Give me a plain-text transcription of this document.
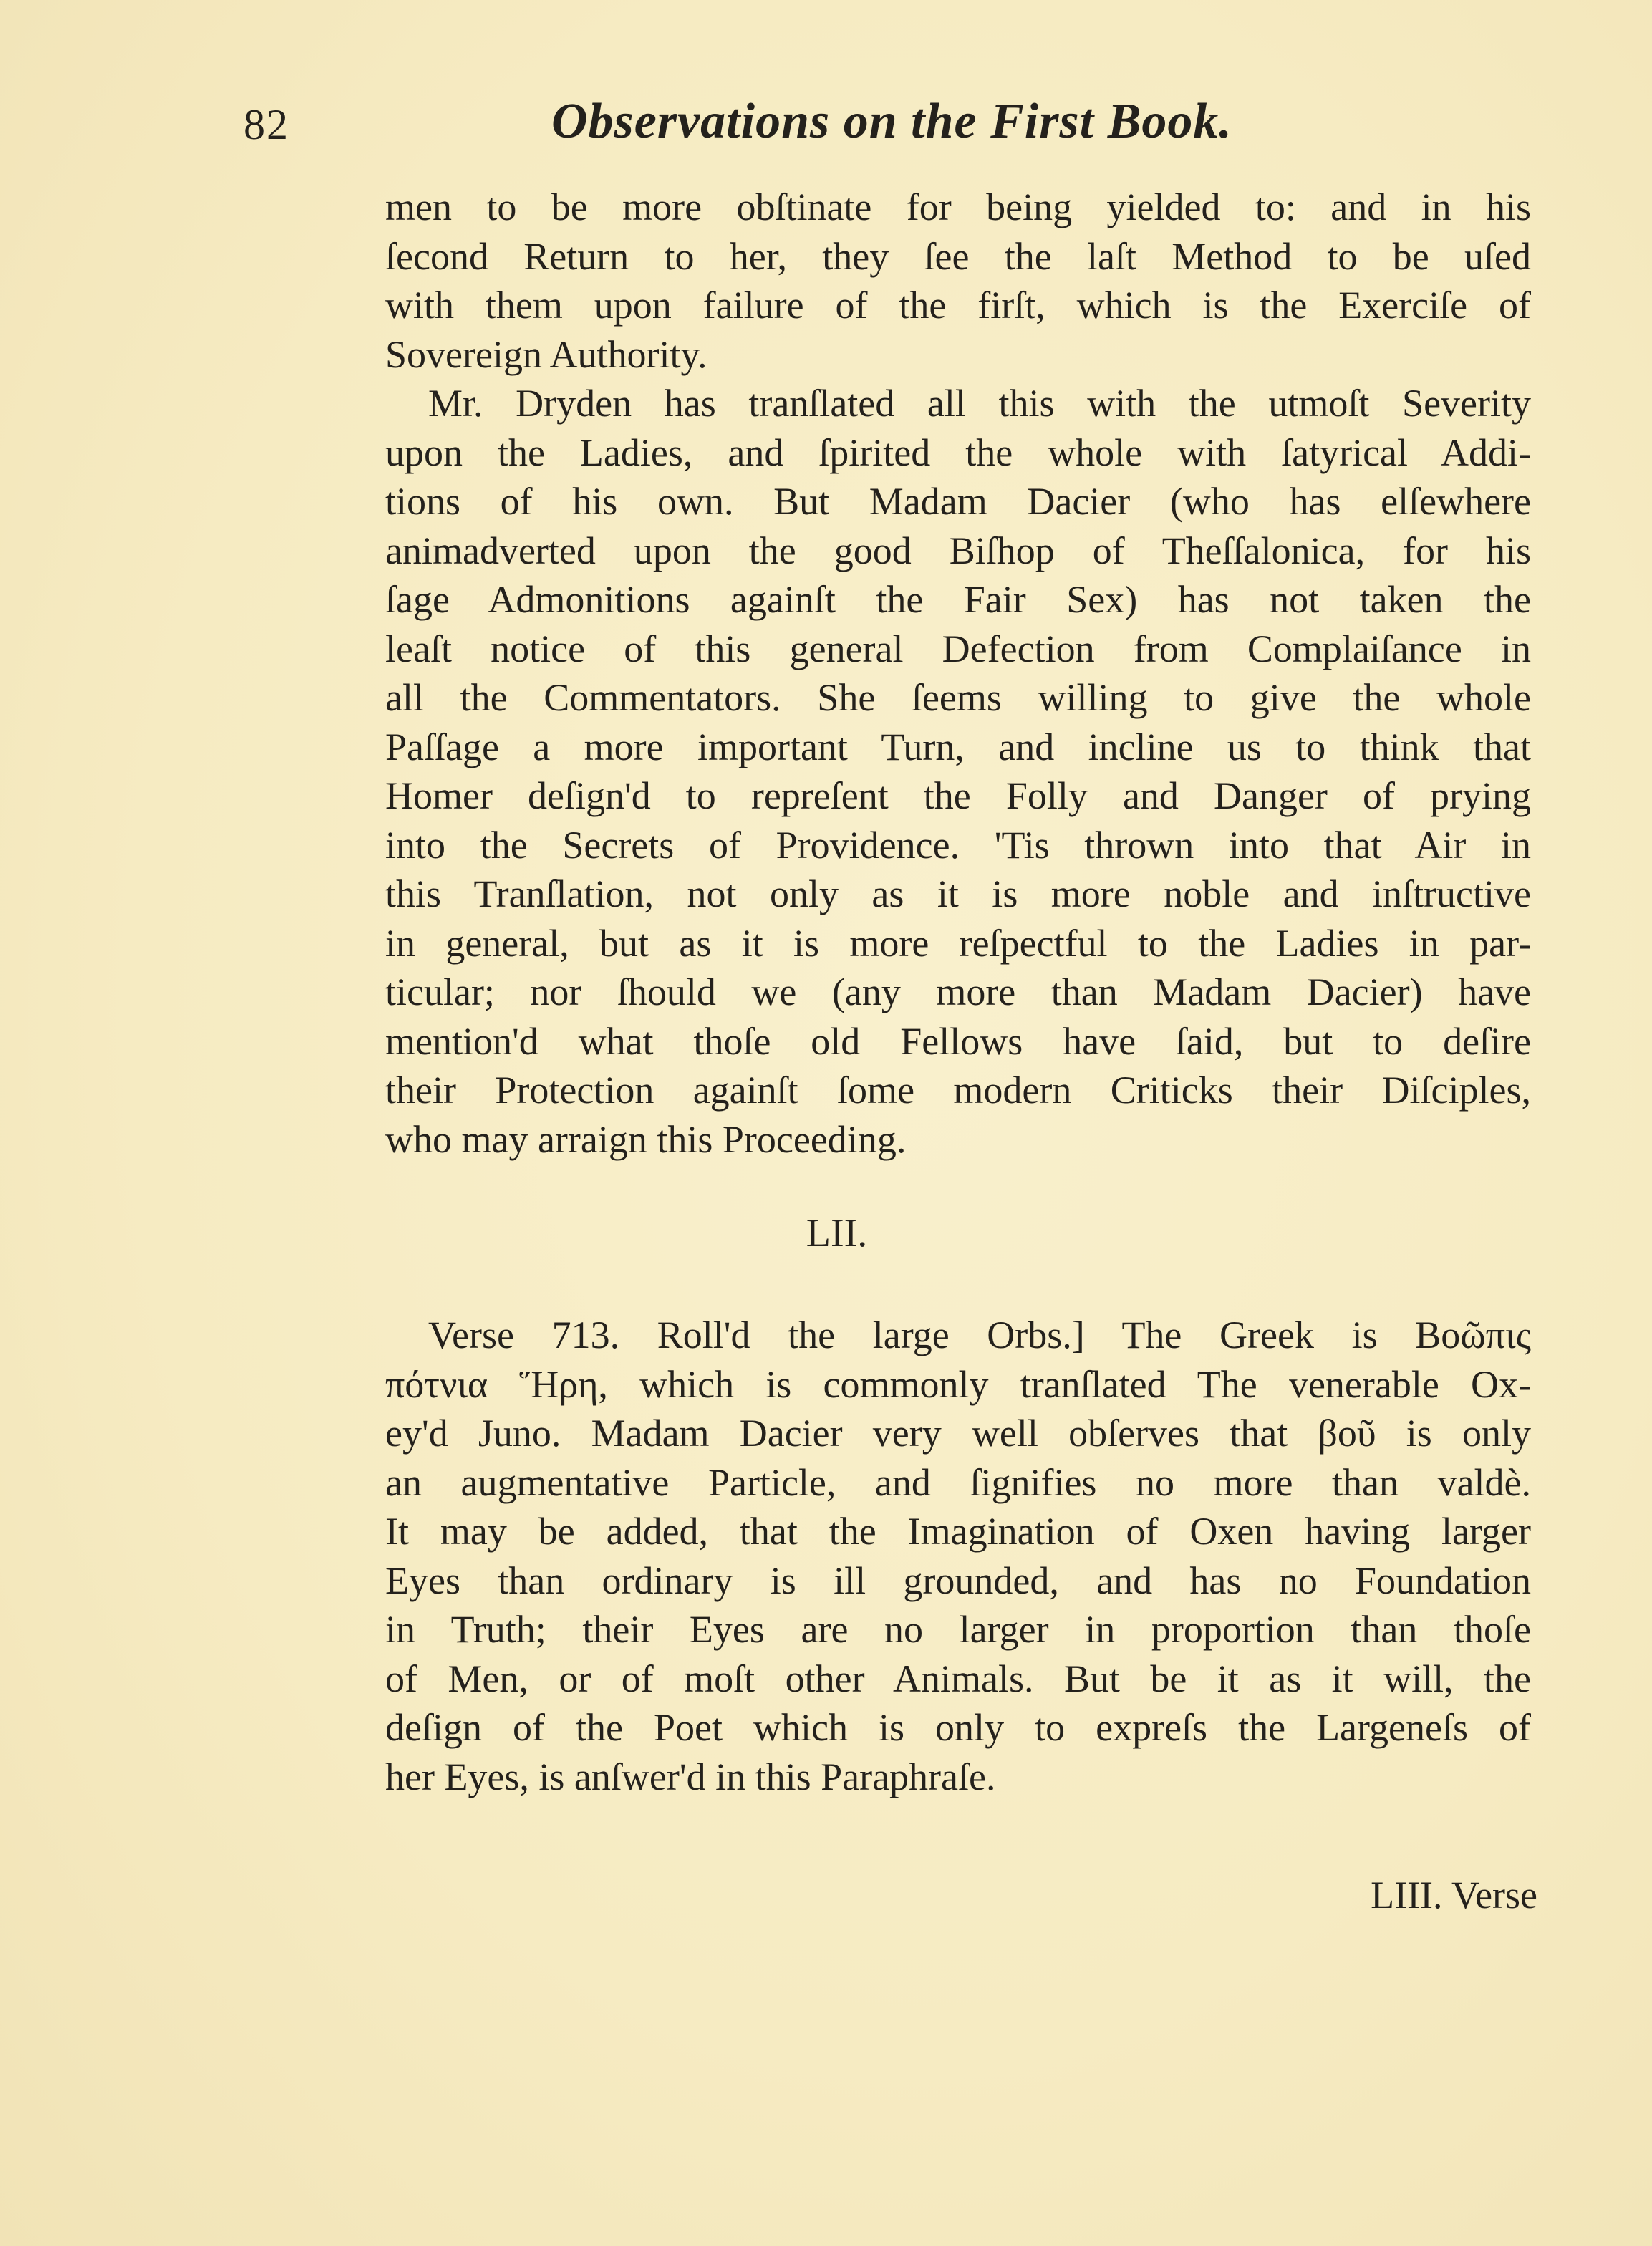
82	Observations on the First Book.
men to be more obſtinate for being yielded to: and in his
ſecond Return to her, they ſee the laſt Method to be uſed
with them upon failure of the firſt, which is the Exerciſe of
Sovereign Authority.
Mr. Dryden has tranſlated all this with the utmoſt Severity
upon the Ladies, and ſpirited the whole with ſatyrical Addi-
tions of his own. But Madam Dacier (who has elſewhere
animadverted upon the good Biſhop of Theſſalonica, for his
ſage Admonitions againſt the Fair Sex) has not taken the
leaſt notice of this general Defection from Complaiſance in
all the Commentators. She ſeems willing to give the whole
Paſſage a more important Turn, and incline us to think that
Homer deſign'd to repreſent the Folly and Danger of prying
into the Secrets of Providence. 'Tis thrown into that Air in
this Tranſlation, not only as it is more noble and inſtructive
in general, but as it is more reſpectful to the Ladies in par-
ticular; nor ſhould we (any more than Madam Dacier) have
mention'd what thoſe old Fellows have ſaid, but to deſire
their Protection againſt ſome modern Criticks their Diſciples,
who may arraign this Proceeding.
LII.
Verse 713. Roll'd the large Orbs.] The Greek is Βοῶπις
πότνια Ἥρη, which is commonly tranſlated The venerable Ox-
ey'd Juno. Madam Dacier very well obſerves that βοῦ is only
an augmentative Particle, and ſignifies no more than valdè.
It may be added, that the Imagination of Oxen having larger
Eyes than ordinary is ill grounded, and has no Foundation
in Truth; their Eyes are no larger in proportion than thoſe
of Men, or of moſt other Animals. But be it as it will, the
deſign of the Poet which is only to expreſs the Largeneſs of
her Eyes, is anſwer'd in this Paraphraſe.
LIII. Verse
